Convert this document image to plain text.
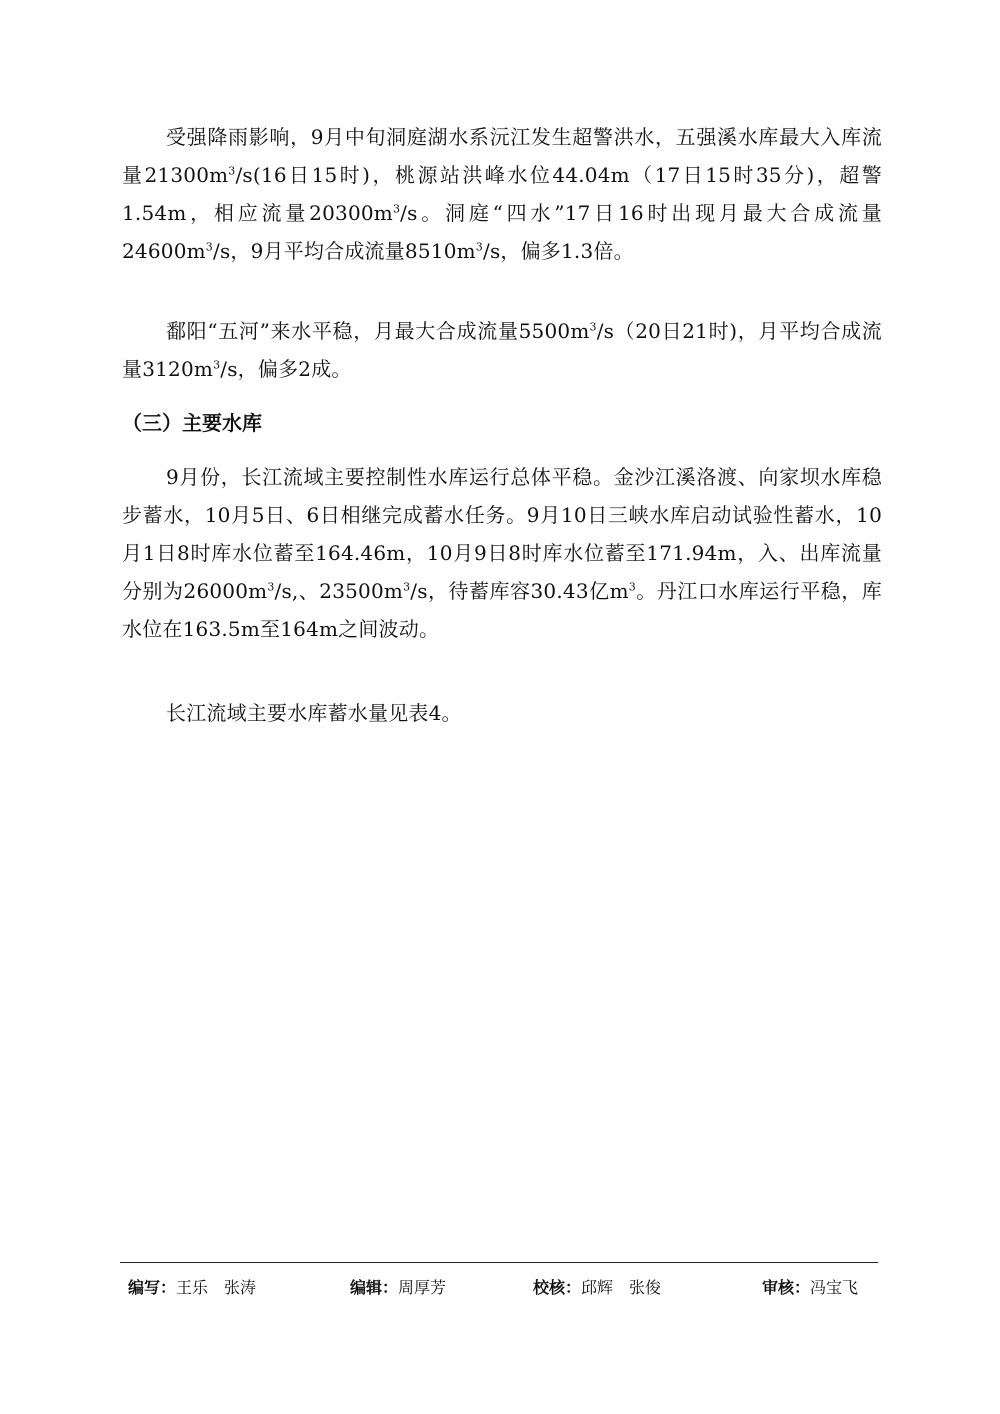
受强降雨影响，9月中旬洞庭湖水系沅江发生超警洪水，五强溪水库最大入库流量$21300m^3/s(16$日15时)，桃源站洪峰水位44.04m（17日15时35分)，超警1.54m，相应流量$20300m^3/s$。洞庭“四水”17日16时出现月最大合成流量$24600m^3/s$，9月平均合成流量$8510m^3/s$，偏多1.3倍。

鄱阳“五河”来水平稳，月最大合成流量$5500m^3/s(20$日21时)，月平均合成流量$3120m^3/s$，偏多2成。

（三）主要水库

9月份，长江流域主要控制性水库运行总体平稳。金沙江溪洛渡、向家坝水库稳步蓄水，10月5日、6日相继完成蓄水任务。9月10日三峡水库启动试验性蓄水，10月1日8时库水位蓄至164.46m，10月9日8时库水位蓄至171.94m，入、出库流量分别为$26000m^3/s$,、$23500m^3/s$，待蓄库容30.43亿$m^3$。丹江口水库运行平稳，库水位在163.5m至164m之间波动。

长江流域主要水库蓄水量见表4。

编写：王乐　张涛	编辑：周厚芳	校核：邱辉　张俊	审核：冯宝飞
